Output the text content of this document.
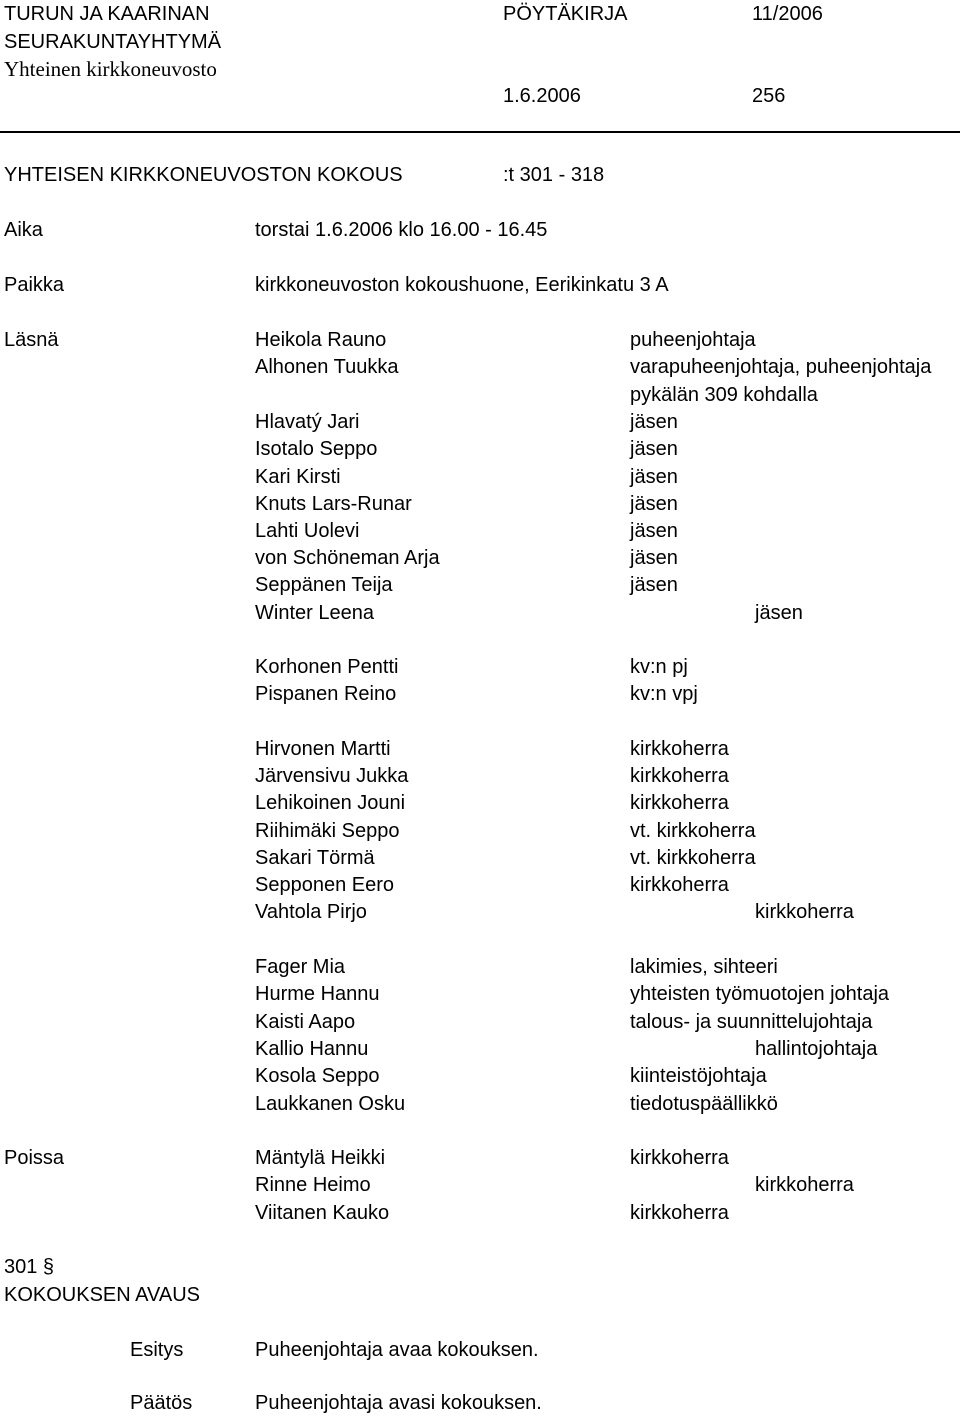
TURUN JA KAARINAN
SEURAKUNTAYHTYMÄ
Yhteinen kirkkoneuvosto
PÖYTÄKIRJA	11/2006
1.6.2006	256
YHTEISEN KIRKKONEUVOSTON KOKOUS	:t 301 - 318
Aika	torstai 1.6.2006 klo 16.00 - 16.45
Paikka	kirkkoneuvoston kokoushuone, Eerikinkatu 3 A
Läsnä	Heikola Rauno	puheenjohtaja
Alhonen Tuukka	varapuheenjohtaja, puheenjohtaja
pykälän 309 kohdalla
Hlavatý Jari	jäsen
Isotalo Seppo	jäsen
Kari Kirsti	jäsen
Knuts Lars-Runar	jäsen
Lahti Uolevi	jäsen
von Schöneman Arja	jäsen
Seppänen Teija	jäsen
Winter Leena	jäsen
Korhonen Pentti	kv:n pj
Pispanen Reino	kv:n vpj
Hirvonen Martti	kirkkoherra
Järvensivu Jukka	kirkkoherra
Lehikoinen Jouni	kirkkoherra
Riihimäki Seppo	vt. kirkkoherra
Sakari Törmä	vt. kirkkoherra
Sepponen Eero	kirkkoherra
Vahtola Pirjo	kirkkoherra
Fager Mia	lakimies, sihteeri
Hurme Hannu	yhteisten työmuotojen johtaja
Kaisti Aapo	talous- ja suunnittelujohtaja
Kallio Hannu	hallintojohtaja
Kosola Seppo	kiinteistöjohtaja
Laukkanen Osku	tiedotuspäällikkö
Poissa	Mäntylä Heikki	kirkkoherra
Rinne Heimo	kirkkoherra
Viitanen Kauko	kirkkoherra
301 §
KOKOUKSEN AVAUS
Esitys	Puheenjohtaja avaa kokouksen.
Päätös	Puheenjohtaja avasi kokouksen.
